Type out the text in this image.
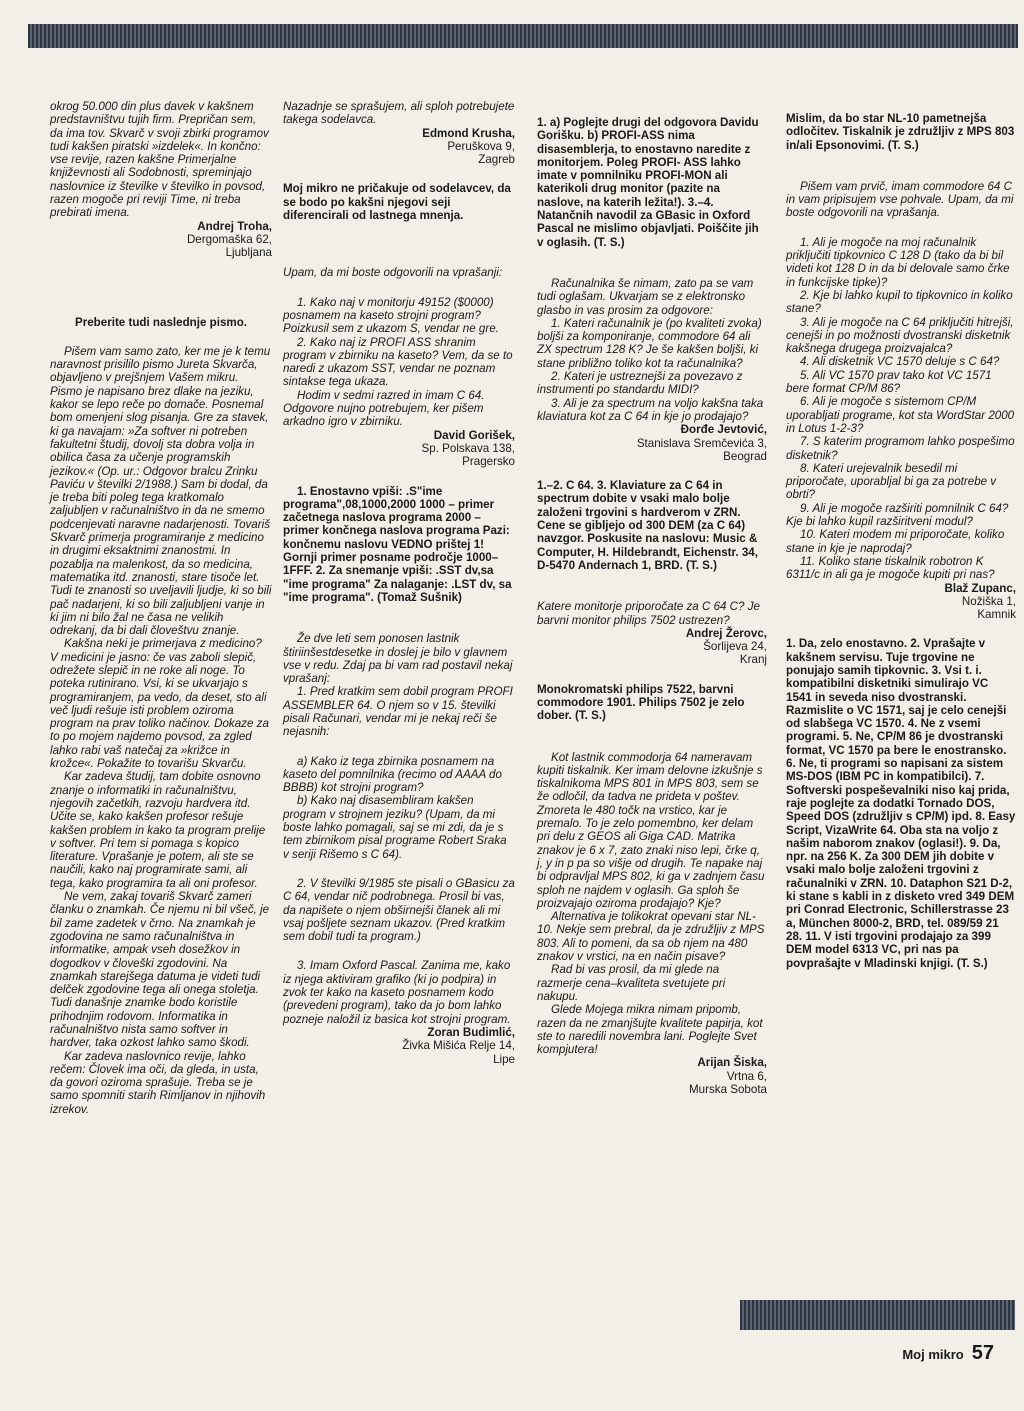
okrog 50.000 din plus davek v kakšnem predstavništvu tujih firm. Prepričan sem, da ima tov. Skvarč v svoji zbirki programov tudi kakšen piratski »izdelek«. In končno: vse revije, razen kakšne Primerjalne književnosti ali Sodobnosti, spreminjajo naslovnice iz številke v številko in povsod, razen mogoče pri reviji Time, ni treba prebirati imena.

Andrej Troha,

Dergomaška 62,

Ljubljana

Preberite tudi naslednje pismo.

Pišem vam samo zato, ker me je k temu naravnost prisililo pismo Jureta Skvarča, objavljeno v prejšnjem Vašem mikru. Pismo je napisano brez dlake na jeziku, kakor se lepo reče po domače. Posnemal bom omenjeni slog pisanja. Gre za stavek, ki ga navajam: »Za softver ni potreben fakultetni študij, dovolj sta dobra volja in obilica časa za učenje programskih jezikov.« (Op. ur.: Odgovor bralcu Zrinku Paviću v številki 2/1988.) Sam bi dodal, da je treba biti poleg tega kratkomalo zaljubljen v računalništvo in da ne smemo podcenjevati naravne nadarjenosti. Tovariš Skvarč primerja programiranje z medicino in drugimi eksaktnimi znanostmi. In pozablja na malenkost, da so medicina, matematika itd. znanosti, stare tisoče let. Tudi te znanosti so uveljavili ljudje, ki so bili pač nadarjeni, ki so bili zaljubljeni vanje in ki jim ni bilo žal ne časa ne velikih odrekanj, da bi dali človeštvu znanje.

Kakšna neki je primerjava z medicino? V medicini je jasno: če vas zaboli slepič, odrežete slepič in ne roke ali noge. To poteka rutinirano. Vsi, ki se ukvarjajo s programiranjem, pa vedo, da deset, sto ali več ljudi rešuje isti problem oziroma program na prav toliko načinov. Dokaze za to po mojem najdemo povsod, za zgled lahko rabi vaš natečaj za »križce in krožce«. Pokažite to tovarišu Skvarču.

Kar zadeva študij, tam dobite osnovno znanje o informatiki in računalništvu, njegovih začetkih, razvoju hardvera itd. Učite se, kako kakšen profesor rešuje kakšen problem in kako ta program prelije v softver. Pri tem si pomaga s kopico literature. Vprašanje je potem, ali ste se naučili, kako naj programirate sami, ali tega, kako programira ta ali oni profesor.

Ne vem, zakaj tovariš Skvarč zameri članku o znamkah. Če njemu ni bil všeč, je bil zame zadetek v črno. Na znamkah je zgodovina ne samo računalništva in informatike, ampak vseh dosežkov in dogodkov v človeški zgodovini. Na znamkah starejšega datuma je videti tudi delček zgodovine tega ali onega stoletja. Tudi današnje znamke bodo koristile prihodnjim rodovom. Informatika in računalništvo nista samo softver in hardver, taka ozkost lahko samo škodi.

Kar zadeva naslovnico revije, lahko rečem: Človek ima oči, da gleda, in usta, da govori oziroma sprašuje. Treba se je samo spomniti starih Rimljanov in njihovih izrekov.

Nazadnje se sprašujem, ali sploh potrebujete takega sodelavca.

Edmond Krusha,

Peruškova 9,

Zagreb

Moj mikro ne pričakuje od sodelavcev, da se bodo po kakšni njegovi seji diferencirali od lastnega mnenja.

Upam, da mi boste odgovorili na vprašanji:

1. Kako naj v monitorju 49152 ($0000) posnamem na kaseto strojni program? Poizkusil sem z ukazom S, vendar ne gre.

2. Kako naj iz PROFI ASS shranim program v zbirniku na kaseto? Vem, da se to naredi z ukazom SST, vendar ne poznam sintakse tega ukaza.

Hodim v sedmi razred in imam C 64. Odgovore nujno potrebujem, ker pišem arkadno igro v zbirniku.

David Gorišek,

Sp. Polskava 138,

Pragersko

1. Enostavno vpiši: .S"ime programa",08,1000,2000 1000 – primer začetnega naslova programa 2000 – primer končnega naslova programa Pazi: končnemu naslovu VEDNO prištej 1! Gornji primer posname področje 1000–1FFF. 2. Za snemanje vpiši: .SST dv,sa "ime programa" Za nalaganje: .LST dv, sa "ime programa". (Tomaž Sušnik)

Že dve leti sem ponosen lastnik štiriinšestdesetke in doslej je bilo v glavnem vse v redu. Zdaj pa bi vam rad postavil nekaj vprašanj:

1. Pred kratkim sem dobil program PROFI ASSEMBLER 64. O njem so v 15. številki pisali Računari, vendar mi je nekaj reči še nejasnih:

a) Kako iz tega zbirnika posnamem na kaseto del pomnilnika (recimo od AAAA do BBBB) kot strojni program?

b) Kako naj disasembliram kakšen program v strojnem jeziku? (Upam, da mi boste lahko pomagali, saj se mi zdi, da je s tem zbirnikom pisal programe Robert Sraka v seriji Rišemo s C 64).

2. V številki 9/1985 ste pisali o GBasicu za C 64, vendar nič podrobnega. Prosil bi vas, da napišete o njem obširnejši članek ali mi vsaj pošljete seznam ukazov. (Pred kratkim sem dobil tudi ta program.)

3. Imam Oxford Pascal. Zanima me, kako iz njega aktiviram grafiko (ki jo podpira) in zvok ter kako na kaseto posnamem kodo (prevedeni program), tako da jo bom lahko pozneje naložil iz basica kot strojni program.

Zoran Budimlić,

Živka Mišića Relje 14,

Lipe

1. a) Poglejte drugi del odgovora Davidu Gorišku. b) PROFI-ASS nima disasemblerja, to enostavno naredite z monitorjem. Poleg PROFI- ASS lahko imate v pomnilniku PROFI-MON ali katerikoli drug monitor (pazite na naslove, na katerih ležita!). 3.–4. Natančnih navodil za GBasic in Oxford Pascal ne mislimo objavljati. Poiščite jih v oglasih. (T. S.)

Računalnika še nimam, zato pa se vam tudi oglašam. Ukvarjam se z elektronsko glasbo in vas prosim za odgovore:

1. Kateri računalnik je (po kvaliteti zvoka) boljši za komponiranje, commodore 64 ali ZX spectrum 128 K? Je še kakšen boljši, ki stane približno toliko kot ta računalnika?

2. Kateri je ustreznejši za povezavo z instrumenti po standardu MIDI?

3. Ali je za spectrum na voljo kakšna taka klaviatura kot za C 64 in kje jo prodajajo?

Đorđe Jevtović,

Stanislava Sremčevića 3,

Beograd

1.–2. C 64. 3. Klaviature za C 64 in spectrum dobite v vsaki malo bolje založeni trgovini s hardverom v ZRN. Cene se gibljejo od 300 DEM (za C 64) navzgor. Poskusite na naslovu: Music & Computer, H. Hildebrandt, Eichenstr. 34, D-5470 Andernach 1, BRD. (T. S.)

Katere monitorje priporočate za C 64 C? Je barvni monitor philips 7502 ustrezen?

Andrej Žerovc,

Šorlijeva 24,

Kranj

Monokromatski philips 7522, barvni commodore 1901. Philips 7502 je zelo dober. (T. S.)

Kot lastnik commodorja 64 nameravam kupiti tiskalnik. Ker imam delovne izkušnje s tiskalnikoma MPS 801 in MPS 803, sem se že odločil, da tadva ne prideta v poštev. Zmoreta le 480 točk na vrstico, kar je premalo. To je zelo pomembno, ker delam pri delu z GEOS ali Giga CAD. Matrika znakov je 6 x 7, zato znaki niso lepi, črke q, j, y in p pa so višje od drugih. Te napake naj bi odpravljal MPS 802, ki ga v zadnjem času sploh ne najdem v oglasih. Ga sploh še proizvajajo oziroma prodajajo? Kje?

Alternativa je tolikokrat opevani star NL-10. Nekje sem prebral, da je združljiv z MPS 803. Ali to pomeni, da sa ob njem na 480 znakov v vrstici, na en način pisave?

Rad bi vas prosil, da mi glede na razmerje cena–kvaliteta svetujete pri nakupu.

Glede Mojega mikra nimam pripomb, razen da ne zmanjšujte kvalitete papirja, kot ste to naredili novembra lani. Poglejte Svet kompjutera!

Arijan Šiska,

Vrtna 6,

Murska Sobota

Mislim, da bo star NL-10 pametnejša odločitev. Tiskalnik je združljiv z MPS 803 in/ali Epsonovimi. (T. S.)

Pišem vam prvič, imam commodore 64 C in vam pripisujem vse pohvale. Upam, da mi boste odgovorili na vprašanja.

1. Ali je mogoče na moj računalnik priključiti tipkovnico C 128 D (tako da bi bil videti kot 128 D in da bi delovale samo črke in funkcijske tipke)?

2. Kje bi lahko kupil to tipkovnico in koliko stane?

3. Ali je mogoče na C 64 priključiti hitrejši, cenejši in po možnosti dvostranski disketnik kakšnega drugega proizvajalca?

4. Ali disketnik VC 1570 deluje s C 64?

5. Ali VC 1570 prav tako kot VC 1571 bere format CP/M 86?

6. Ali je mogoče s sistemom CP/M uporabljati programe, kot sta WordStar 2000 in Lotus 1-2-3?

7. S katerim programom lahko pospešimo disketnik?

8. Kateri urejevalnik besedil mi priporočate, uporabljal bi ga za potrebe v obrti?

9. Ali je mogoče razširiti pomnilnik C 64? Kje bi lahko kupil razširitveni modul?

10. Kateri modem mi priporočate, koliko stane in kje je naprodaj?

11. Koliko stane tiskalnik robotron K 6311/c in ali ga je mogoče kupiti pri nas?

Blaž Zupanc,

Nožiška 1,

Kamnik

1. Da, zelo enostavno. 2. Vprašajte v kakšnem servisu. Tuje trgovine ne ponujajo samih tipkovnic. 3. Vsi t. i. kompatibilni disketniki simulirajo VC 1541 in seveda niso dvostranski. Razmislite o VC 1571, saj je celo cenejši od slabšega VC 1570. 4. Ne z vsemi programi. 5. Ne, CP/M 86 je dvostranski format, VC 1570 pa bere le enostransko. 6. Ne, ti programi so napisani za sistem MS-DOS (IBM PC in kompatibilci). 7. Softverski pospeševalniki niso kaj prida, raje poglejte za dodatki Tornado DOS, Speed DOS (združljiv s CP/M) ipd. 8. Easy Script, VizaWrite 64. Oba sta na voljo z našim naborom znakov (oglasi!). 9. Da, npr. na 256 K. Za 300 DEM jih dobite v vsaki malo bolje založeni trgovini z računalniki v ZRN. 10. Dataphon S21 D-2, ki stane s kabli in z disketo vred 349 DEM pri Conrad Electronic, Schillerstrasse 23 a, München 8000-2, BRD, tel. 089/59 21 28. 11. V isti trgovini prodajajo za 399 DEM model 6313 VC, pri nas pa povprašajte v Mladinski knjigi. (T. S.)

Moj mikro 57
